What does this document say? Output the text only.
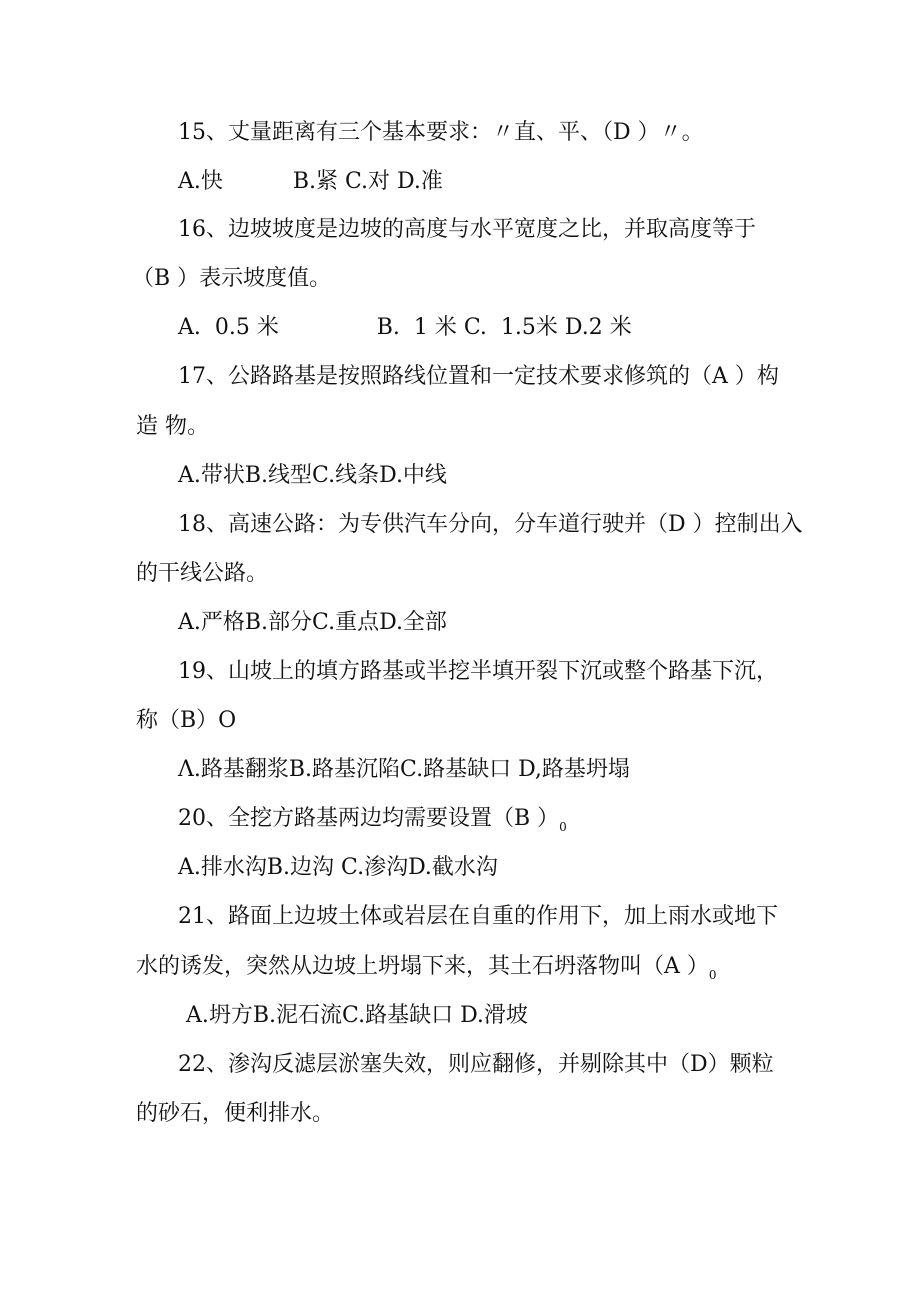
15、丈量距离有三个基本要求：〃直、平、（D ）〃。
A.快          B.紧 C.对 D.准
16、边坡坡度是边坡的高度与水平宽度之比，并取高度等于
（B ）表示坡度值。
A.  0.5 米              B.  1 米 C.  1.5米 D.2 米
17、公路路基是按照路线位置和一定技术要求修筑的（A ）构
造 物。
A.带状B.线型C.线条D.中线
18、高速公路：为专供汽车分向，分车道行驶并（D ）控制出入
的干线公路。
A.严格B.部分C.重点D.全部
19、山坡上的填方路基或半挖半填开裂下沉或整个路基下沉，
称（B）O
Λ.路基翻浆B.路基沉陷C.路基缺口 D,路基坍塌
20、全挖方路基两边均需要设置（B ）$_0$
A.排水沟B.边沟 C.渗沟D.截水沟
21、路面上边坡土体或岩层在自重的作用下，加上雨水或地下
水的诱发，突然从边坡上坍塌下来，其土石坍落物叫（A ）$_0$
A.坍方B.泥石流C.路基缺口 D.滑坡
22、渗沟反滤层淤塞失效，则应翻修，并剔除其中（D）颗粒
的砂石，便利排水。
